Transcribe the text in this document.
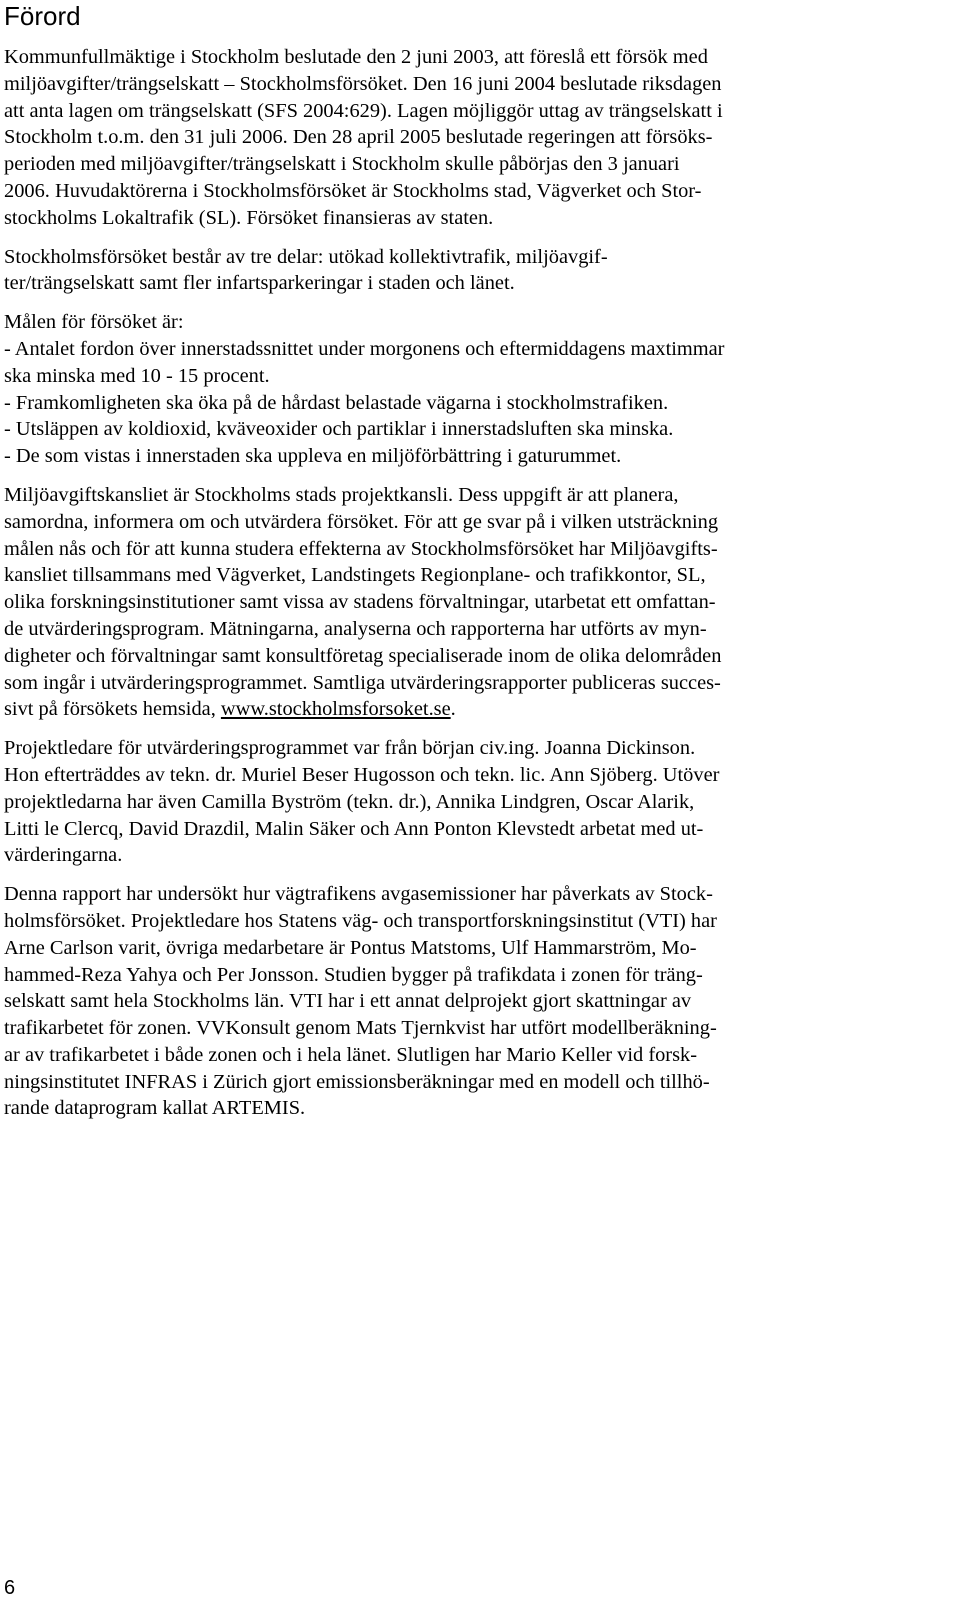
Förord

Kommunfullmäktige i Stockholm beslutade den 2 juni 2003, att föreslå ett försök med
miljöavgifter/trängselskatt – Stockholmsförsöket. Den 16 juni 2004 beslutade riksdagen
att anta lagen om trängselskatt (SFS 2004:629). Lagen möjliggör uttag av trängselskatt i
Stockholm t.o.m. den 31 juli 2006. Den 28 april 2005 beslutade regeringen att försöks-
perioden med miljöavgifter/trängselskatt i Stockholm skulle påbörjas den 3 januari
2006. Huvudaktörerna i Stockholmsförsöket är Stockholms stad, Vägverket och Stor-
stockholms Lokaltrafik (SL). Försöket finansieras av staten.

Stockholmsförsöket består av tre delar: utökad kollektivtrafik, miljöavgif-
ter/trängselskatt samt fler infartsparkeringar i staden och länet.

Målen för försöket är:
- Antalet fordon över innerstadssnittet under morgonens och eftermiddagens maxtimmar
ska minska med 10 - 15 procent.
- Framkomligheten ska öka på de hårdast belastade vägarna i stockholmstrafiken.
- Utsläppen av koldioxid, kväveoxider och partiklar i innerstadsluften ska minska.
- De som vistas i innerstaden ska uppleva en miljöförbättring i gaturummet.

Miljöavgiftskansliet är Stockholms stads projektkansli. Dess uppgift är att planera,
samordna, informera om och utvärdera försöket. För att ge svar på i vilken utsträckning
målen nås och för att kunna studera effekterna av Stockholmsförsöket har Miljöavgifts-
kansliet tillsammans med Vägverket, Landstingets Regionplane- och trafikkontor, SL,
olika forskningsinstitutioner samt vissa av stadens förvaltningar, utarbetat ett omfattan-
de utvärderingsprogram. Mätningarna, analyserna och rapporterna har utförts av myn-
digheter och förvaltningar samt konsultföretag specialiserade inom de olika delområden
som ingår i utvärderingsprogrammet. Samtliga utvärderingsrapporter publiceras succes-
sivt på försökets hemsida, www.stockholmsforsoket.se.

Projektledare för utvärderingsprogrammet var från början civ.ing. Joanna Dickinson.
Hon efterträddes av tekn. dr. Muriel Beser Hugosson och tekn. lic. Ann Sjöberg. Utöver
projektledarna har även Camilla Byström (tekn. dr.), Annika Lindgren, Oscar Alarik,
Litti le Clercq, David Drazdil, Malin Säker och Ann Ponton Klevstedt arbetat med ut-
värderingarna.

Denna rapport har undersökt hur vägtrafikens avgasemissioner har påverkats av Stock-
holmsförsöket. Projektledare hos Statens väg- och transportforskningsinstitut (VTI) har
Arne Carlson varit, övriga medarbetare är Pontus Matstoms, Ulf Hammarström, Mo-
hammed-Reza Yahya och Per Jonsson. Studien bygger på trafikdata i zonen för träng-
selskatt samt hela Stockholms län. VTI har i ett annat delprojekt gjort skattningar av
trafikarbetet för zonen. VVKonsult genom Mats Tjernkvist har utfört modellberäkning-
ar av trafikarbetet i både zonen och i hela länet. Slutligen har Mario Keller vid forsk-
ningsinstitutet INFRAS i Zürich gjort emissionsberäkningar med en modell och tillhö-
rande dataprogram kallat ARTEMIS.

6
